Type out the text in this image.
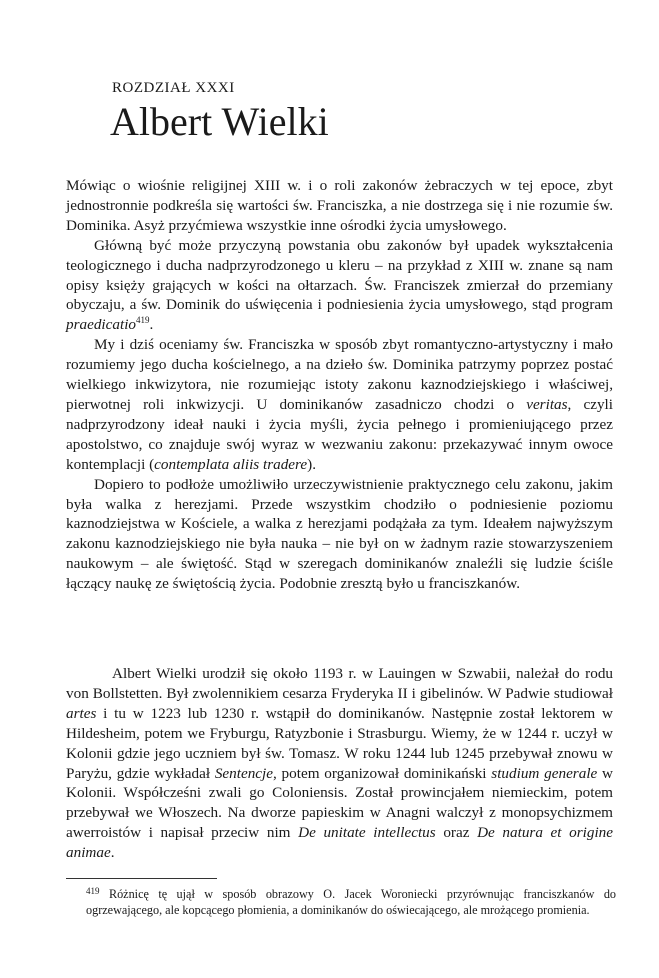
ROZDZIAŁ XXXI
Albert Wielki

Mówiąc o wiośnie religijnej XIII w. i o roli zakonów żebraczych w tej epoce, zbyt jednostronnie podkreśla się wartości św. Franciszka, a nie dostrzega się i nie rozumie św. Dominika. Asyż przyćmiewa wszystkie inne ośrodki życia umysłowego.

Główną być może przyczyną powstania obu zakonów był upadek wykształcenia teologicznego i ducha nadprzyrodzonego u kleru – na przykład z XIII w. znane są nam opisy księży grających w kości na ołtarzach. Św. Franciszek zmierzał do przemiany obyczaju, a św. Dominik do uświęcenia i podniesienia życia umysłowego, stąd program praedicatio$^{419}$.

My i dziś oceniamy św. Franciszka w sposób zbyt romantyczno-artystyczny i mało rozumiemy jego ducha kościelnego, a na dzieło św. Dominika patrzymy poprzez postać wielkiego inkwizytora, nie rozumiejąc istoty zakonu kaznodziejskiego i właściwej, pierwotnej roli inkwizycji. U dominikanów zasadniczo chodzi o veritas, czyli nadprzyrodzony ideał nauki i życia myśli, życia pełnego i promieniującego przez apostolstwo, co znajduje swój wyraz w wezwaniu zakonu: przekazywać innym owoce kontemplacji (contemplata aliis tradere).

Dopiero to podłoże umożliwiło urzeczywistnienie praktycznego celu zakonu, jakim była walka z herezjami. Przede wszystkim chodziło o podniesienie poziomu kaznodziejstwa w Kościele, a walka z herezjami podążała za tym. Ideałem najwyższym zakonu kaznodziejskiego nie była nauka – nie był on w żadnym razie stowarzyszeniem naukowym – ale świętość. Stąd w szeregach dominikanów znaleźli się ludzie ściśle łączący naukę ze świętością życia. Podobnie zresztą było u franciszkanów.

Albert Wielki urodził się około 1193 r. w Lauingen w Szwabii, należał do rodu von Bollstetten. Był zwolennikiem cesarza Fryderyka II i gibelinów. W Padwie studiował artes i tu w 1223 lub 1230 r. wstąpił do dominikanów. Następnie został lektorem w Hildesheim, potem we Fryburgu, Ratyzbonie i Strasburgu. Wiemy, że w 1244 r. uczył w Kolonii gdzie jego uczniem był św. Tomasz. W roku 1244 lub 1245 przebywał znowu w Paryżu, gdzie wykładał Sentencje, potem organizował dominikański studium generale w Kolonii. Współcześni zwali go Coloniensis. Został prowincjałem niemieckim, potem przebywał we Włoszech. Na dworze papieskim w Anagni walczył z monopsychizmem awerroistów i napisał przeciw nim De unitate intellectus oraz De natura et origine animae.

$^{419}$ Różnicę tę ujął w sposób obrazowy O. Jacek Woroniecki przyrównując franciszkanów do ogrzewającego, ale kopcącego płomienia, a dominikanów do oświecającego, ale mrożącego promienia.
